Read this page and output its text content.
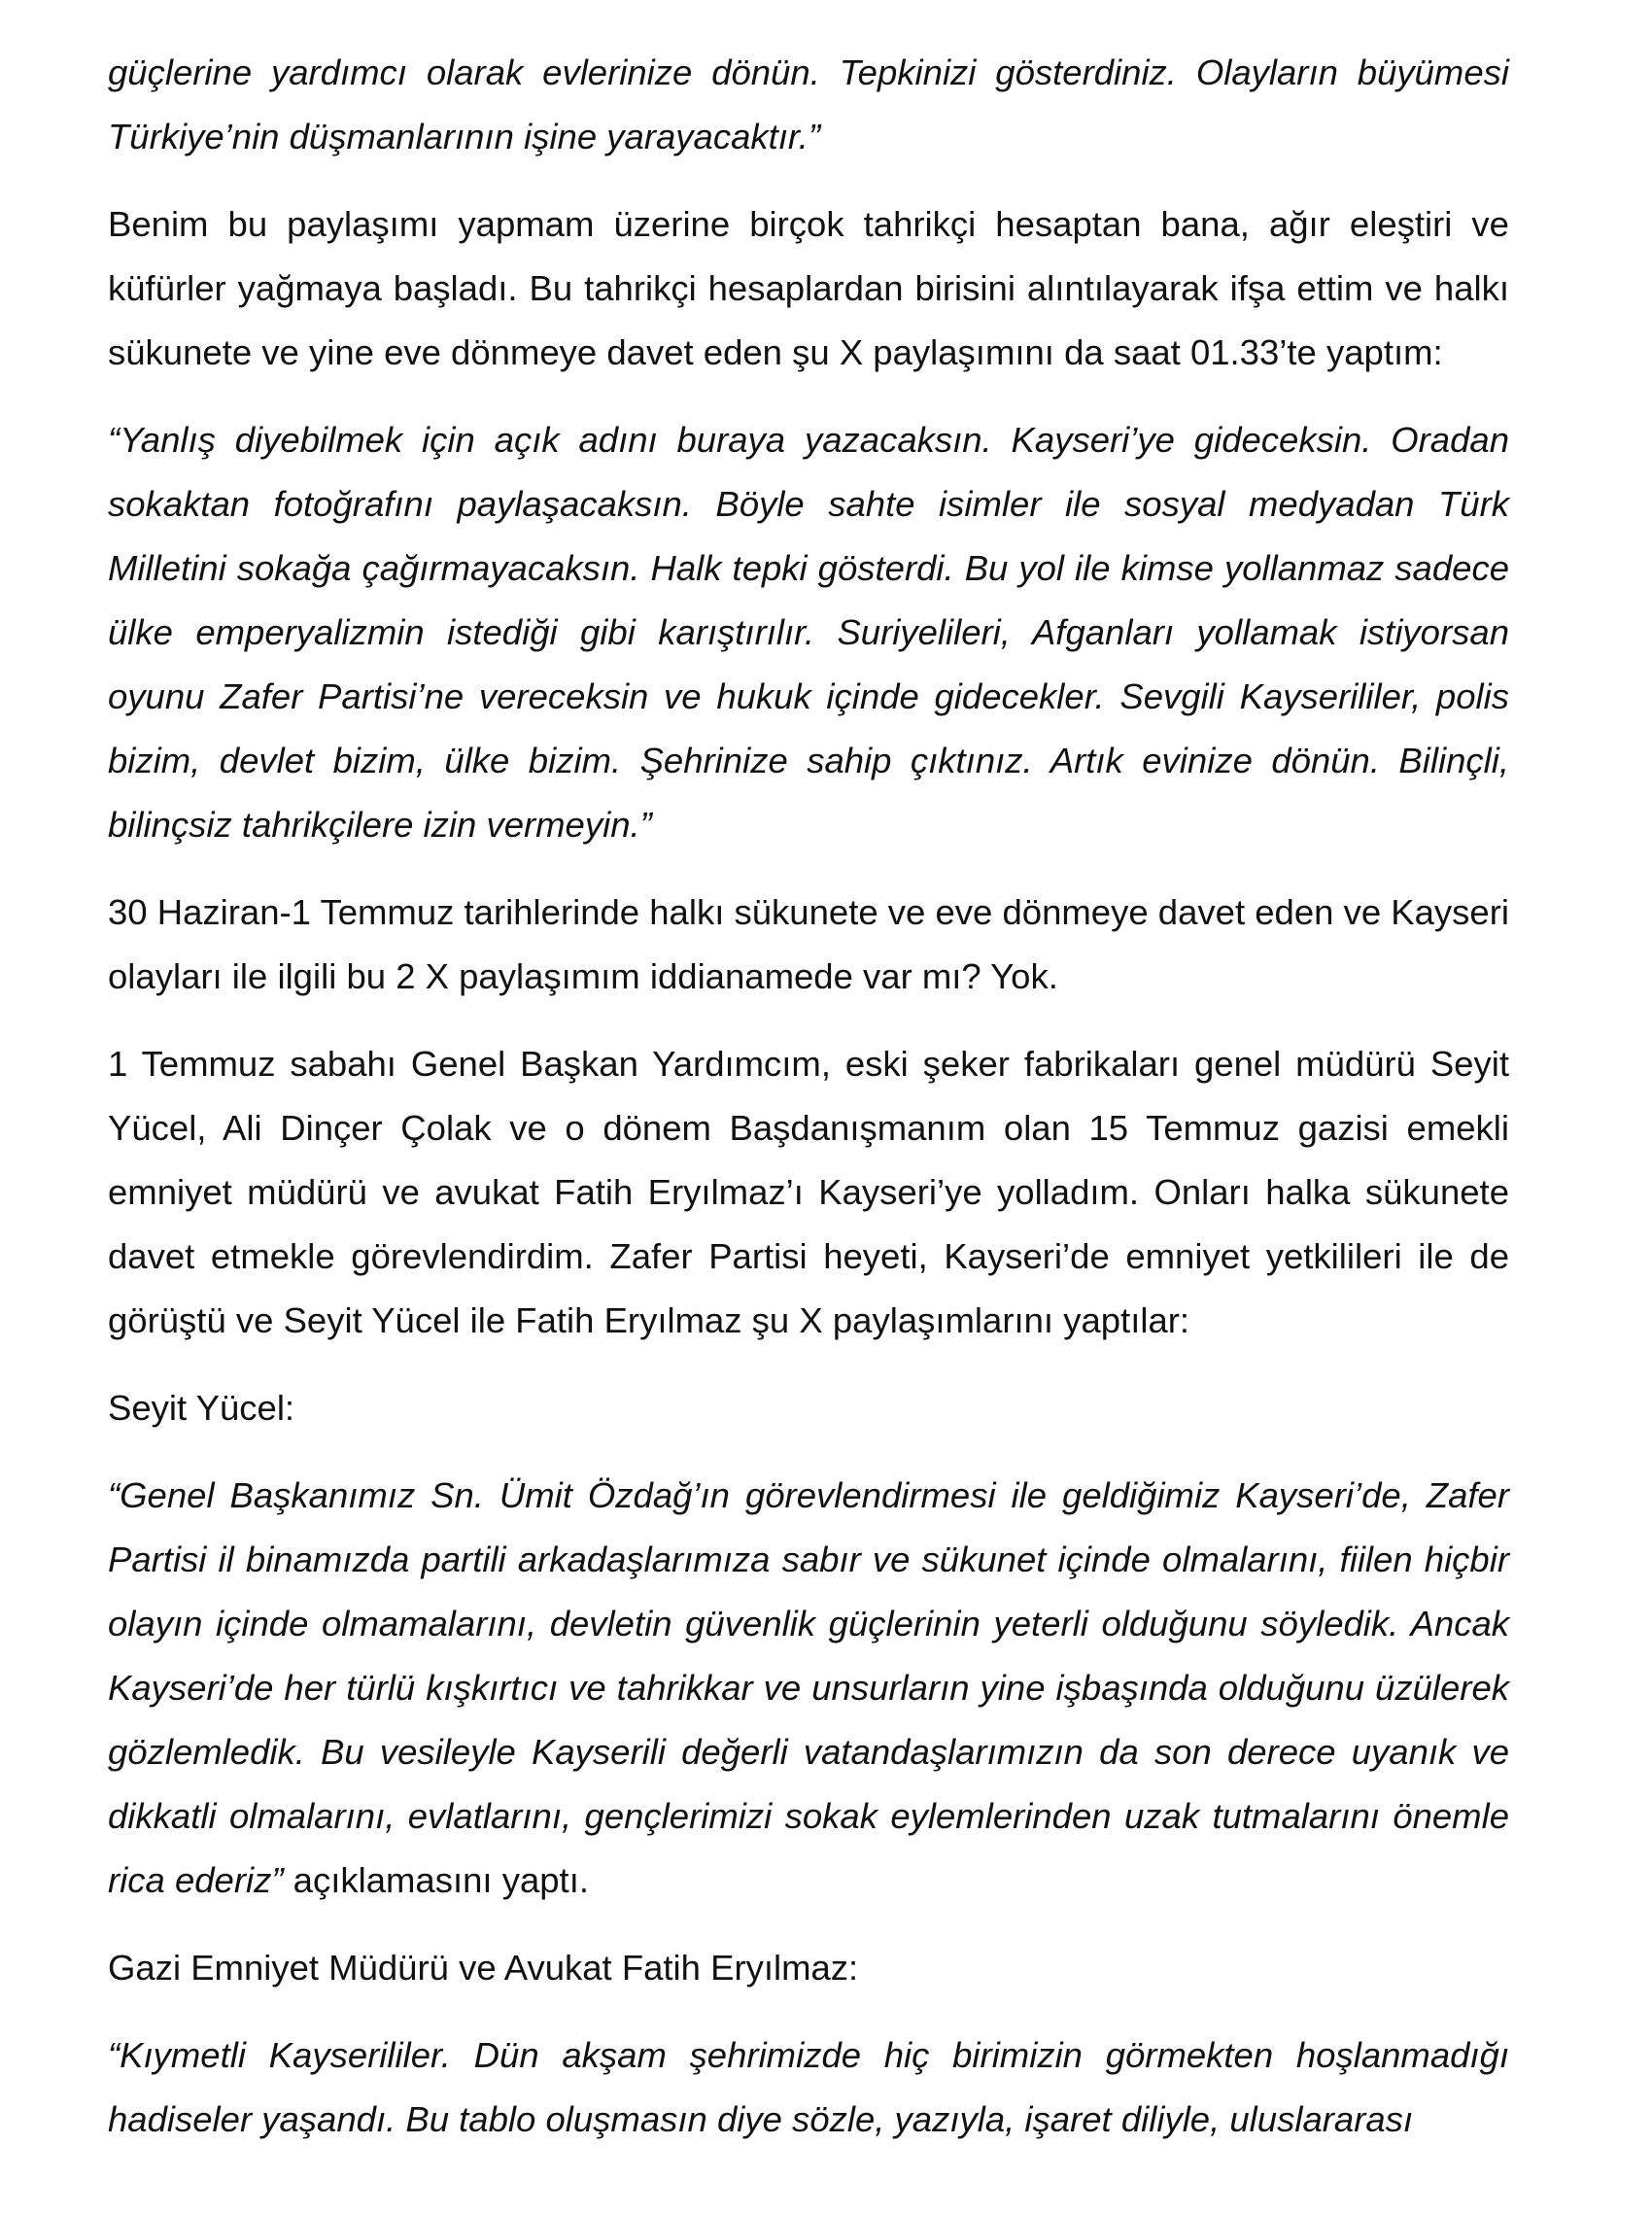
güçlerine yardımcı olarak evlerinize dönün. Tepkinizi gösterdiniz. Olayların büyümesi Türkiye’nin düşmanlarının işine yarayacaktır.”

Benim bu paylaşımı yapmam üzerine birçok tahrikçi hesaptan bana, ağır eleştiri ve küfürler yağmaya başladı. Bu tahrikçi hesaplardan birisini alıntılayarak ifşa ettim ve halkı sükunete ve yine eve dönmeye davet eden şu X paylaşımını da saat 01.33’te yaptım:

“Yanlış diyebilmek için açık adını buraya yazacaksın. Kayseri’ye gideceksin. Oradan sokaktan fotoğrafını paylaşacaksın. Böyle sahte isimler ile sosyal medyadan Türk Milletini sokağa çağırmayacaksın. Halk tepki gösterdi. Bu yol ile kimse yollanmaz sadece ülke emperyalizmin istediği gibi karıştırılır. Suriyelileri, Afganları yollamak istiyorsan oyunu Zafer Partisi’ne vereceksin ve hukuk içinde gidecekler. Sevgili Kayserililer, polis bizim, devlet bizim, ülke bizim. Şehrinize sahip çıktınız. Artık evinize dönün. Bilinçli, bilinçsiz tahrikçilere izin vermeyin.”

30 Haziran-1 Temmuz tarihlerinde halkı sükunete ve eve dönmeye davet eden ve Kayseri olayları ile ilgili bu 2 X paylaşımım iddianamede var mı? Yok.

1 Temmuz sabahı Genel Başkan Yardımcım, eski şeker fabrikaları genel müdürü Seyit Yücel, Ali Dinçer Çolak ve o dönem Başdanışmanım olan 15 Temmuz gazisi emekli emniyet müdürü ve avukat Fatih Eryılmaz’ı Kayseri’ye yolladım. Onları halka sükunete davet etmekle görevlendirdim. Zafer Partisi heyeti, Kayseri’de emniyet yetkilileri ile de görüştü ve Seyit Yücel ile Fatih Eryılmaz şu X paylaşımlarını yaptılar:

Seyit Yücel:

“Genel Başkanımız Sn. Ümit Özdağ’ın görevlendirmesi ile geldiğimiz Kayseri’de, Zafer Partisi il binamızda partili arkadaşlarımıza sabır ve sükunet içinde olmalarını, fiilen hiçbir olayın içinde olmamalarını, devletin güvenlik güçlerinin yeterli olduğunu söyledik. Ancak Kayseri’de her türlü kışkırtıcı ve tahrikkar ve unsurların yine işbaşında olduğunu üzülerek gözlemledik. Bu vesileyle Kayserili değerli vatandaşlarımızın da son derece uyanık ve dikkatli olmalarını, evlatlarını, gençlerimizi sokak eylemlerinden uzak tutmalarını önemle rica ederiz” açıklamasını yaptı.

Gazi Emniyet Müdürü ve Avukat Fatih Eryılmaz:

“Kıymetli Kayserililer. Dün akşam şehrimizde hiç birimizin görmekten hoşlanmadığı hadiseler yaşandı. Bu tablo oluşmasın diye sözle, yazıyla, işaret diliyle, uluslararası
